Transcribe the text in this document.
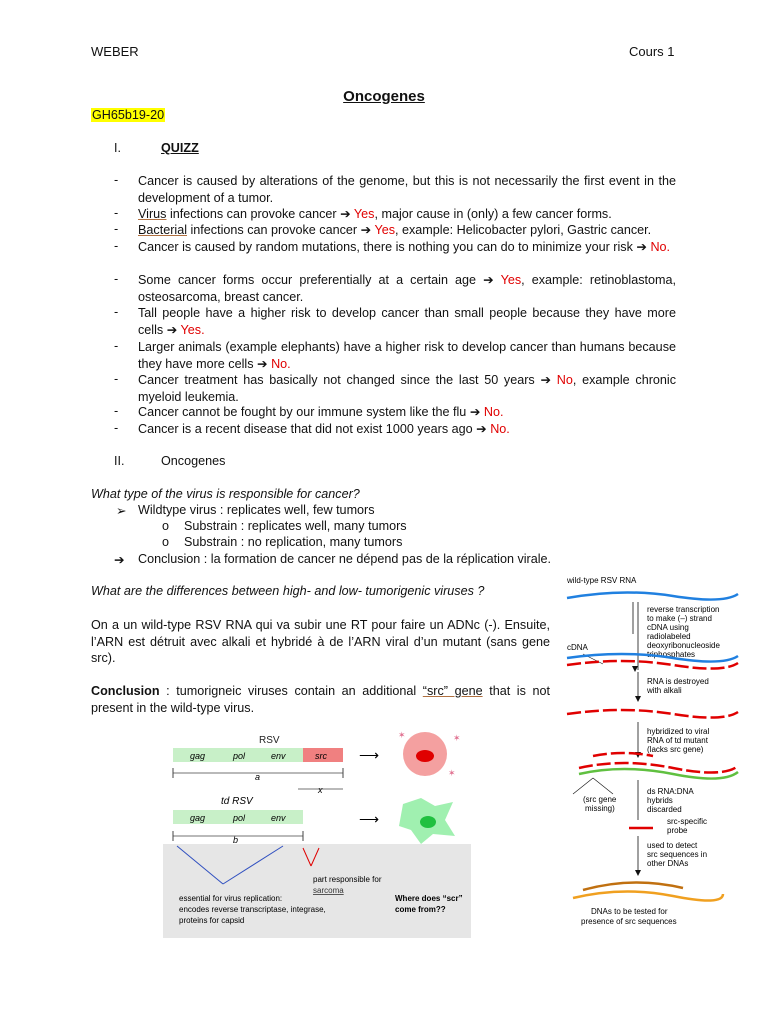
WEBER	Cours 1
Oncogenes
GH65b19-20
I.	QUIZZ
- Cancer is caused by alterations of the genome, but this is not necessarily the first event in the development of a tumor.
- Virus infections can provoke cancer ➔ Yes, major cause in (only) a few cancer forms.
- Bacterial infections can provoke cancer ➔ Yes, example: Helicobacter pylori, Gastric cancer.
- Cancer is caused by random mutations, there is nothing you can do to minimize your risk ➔ No.
- Some cancer forms occur preferentially at a certain age ➔ Yes, example: retinoblastoma, osteosarcoma, breast cancer.
- Tall people have a higher risk to develop cancer than small people because they have more cells ➔ Yes.
- Larger animals (example elephants) have a higher risk to develop cancer than humans because they have more cells ➔ No.
- Cancer treatment has basically not changed since the last 50 years ➔ No, example chronic myeloid leukemia.
- Cancer cannot be fought by our immune system like the flu ➔ No.
- Cancer is a recent disease that did not exist 1000 years ago ➔ No.
II.	Oncogenes
What type of the virus is responsible for cancer?
➢ Wildtype virus : replicates well, few tumors
o Substrain : replicates well, many tumors
o Substrain : no replication, many tumors
➔ Conclusion : la formation de cancer ne dépend pas de la réplication virale.
What are the differences between high- and low- tumorigenic viruses ?
On a un wild-type RSV RNA qui va subir une RT pour faire un ADNc (-). Ensuite, l’ARN est détruit avec alkali et hybridé à de l’ARN viral d’un mutant (sans gene src).
Conclusion : tumorigneic viruses contain an additional “src” gene that is not present in the wild-type virus.
RSV
gag	pol	env	src
a
x
⟶
✶
✶
✶
td RSV
gag	pol	env
b
⟶
part responsible for
sarcoma
essential for virus replication:
encodes reverse transcriptase, integrase,
proteins for capsid
Where does “scr”
come from??
wild-type RSV RNA
reverse transcription
to make (–) strand
cDNA using
radiolabeled
deoxyribonucleoside
triphosphates
cDNA
RNA is destroyed
with alkali
hybridized to viral
RNA of td mutant
(lacks src gene)
(src gene
missing)
ds RNA:DNA
hybrids
discarded
src-specific
probe
used to detect
src sequences in
other DNAs
DNAs to be tested for
presence of src sequences
